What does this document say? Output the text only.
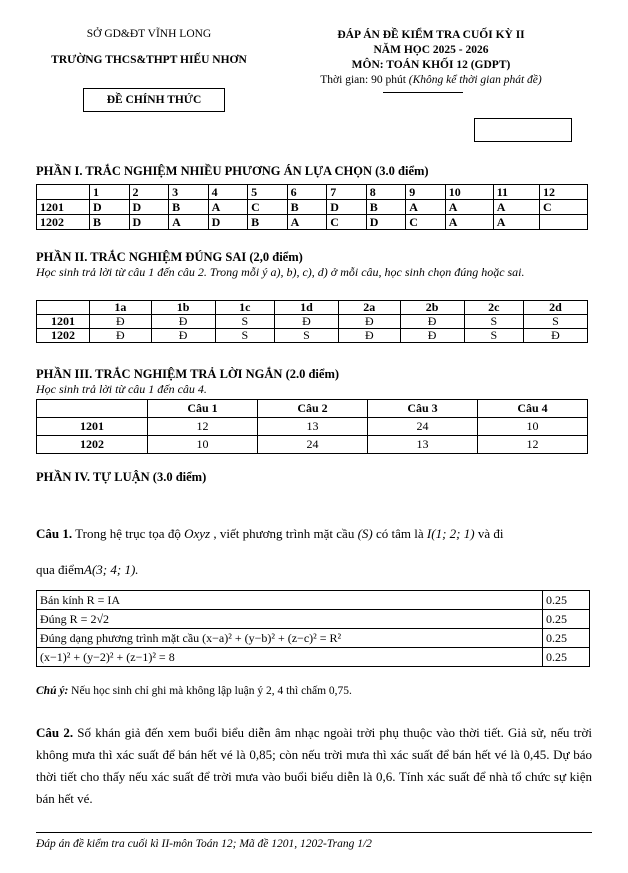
SỞ GD&ĐT VĨNH LONG
TRƯỜNG THCS&THPT HIẾU NHƠN
ĐỀ CHÍNH THỨC
ĐÁP ÁN ĐỀ KIỂM TRA CUỐI KỲ II
NĂM HỌC 2025 - 2026
MÔN: TOÁN KHỐI 12 (GDPT)
Thời gian: 90 phút (Không kể thời gian phát đề)
PHẦN I. TRẮC NGHIỆM NHIỀU PHƯƠNG ÁN LỰA CHỌN (3.0 điểm)
	1	2	3	4	5	6	7	8	9	10	11	12
1201	D	D	B	A	C	B	D	B	A	A	A	C
1202	B	D	A	D	B	A	C	D	C	A	A	
PHẦN II. TRẮC NGHIỆM ĐÚNG SAI (2,0 điểm)
Học sinh trả lời từ câu 1 đến câu 2. Trong mỗi ý a), b), c), d) ở mỗi câu, học sinh chọn đúng hoặc sai.
	1a	1b	1c	1d	2a	2b	2c	2d
1201	Đ	Đ	S	Đ	Đ	Đ	S	S
1202	Đ	Đ	S	S	Đ	Đ	S	Đ
PHẦN III. TRẮC NGHIỆM TRẢ LỜI NGẮN (2.0 điểm)
Học sinh trả lời từ câu 1 đến câu 4.
	Câu 1	Câu 2	Câu 3	Câu 4
1201	12	13	24	10
1202	10	24	13	12
PHẦN IV. TỰ LUẬN (3.0 điểm)
Câu 1. Trong hệ trục tọa độ Oxyz , viết phương trình mặt cầu (S) có tâm là I(1; 2; 1) và đi
qua điểmA(3; 4; 1).
Bán kính R = IA	0.25
Đúng R = 2√2	0.25
Đúng dạng phương trình mặt cầu (x−a)² + (y−b)² + (z−c)² = R²	0.25
(x−1)² + (y−2)² + (z−1)² = 8	0.25
Chú ý: Nếu học sinh chỉ ghi mà không lập luận ý 2, 4 thì chấm 0,75.
Câu 2. Số khán giả đến xem buổi biểu diễn âm nhạc ngoài trời phụ thuộc vào thời tiết. Giả sử, nếu trời không mưa thì xác suất để bán hết vé là 0,85; còn nếu trời mưa thì xác suất để bán hết vé là 0,45. Dự báo thời tiết cho thấy nếu xác suất để trời mưa vào buổi biểu diễn là 0,6. Tính xác suất để nhà tổ chức sự kiện bán hết vé.
Đáp án đề kiểm tra cuối kì II-môn Toán 12; Mã đề 1201, 1202-Trang 1/2
